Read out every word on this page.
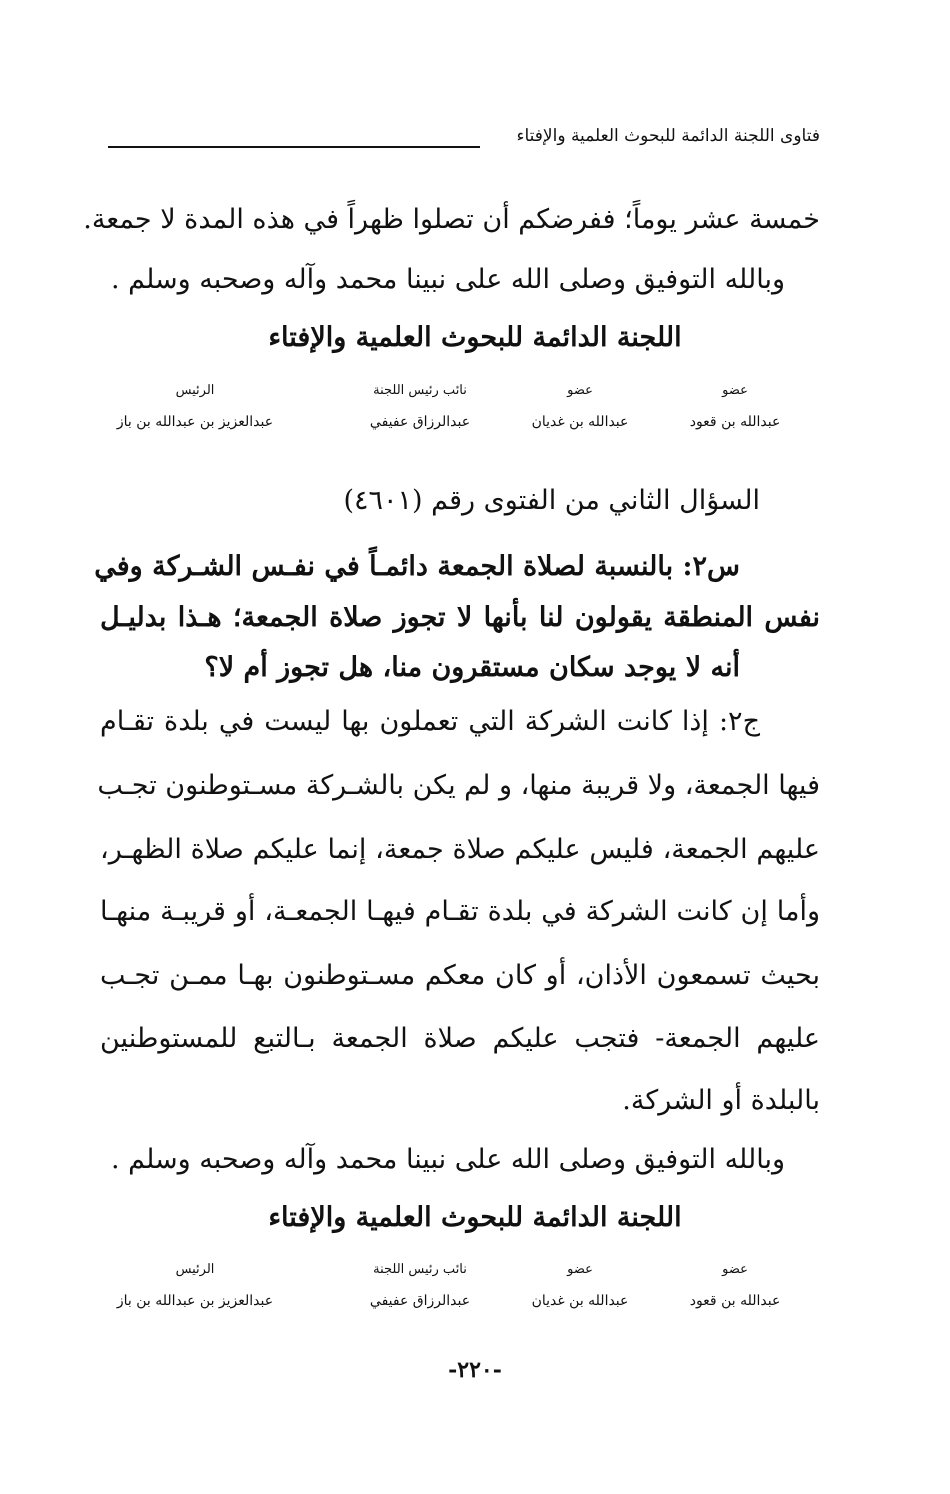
فتاوى اللجنة الدائمة للبحوث العلمية والإفتاء
خمسة عشر يوماً؛ ففرضكم أن تصلوا ظهراً في هذه المدة لا جمعة.
وبالله التوفيق وصلى الله على نبينا محمد وآله وصحبه وسلم .
اللجنة الدائمة للبحوث العلمية والإفتاء
الرئيس
عبدالعزيز بن عبدالله بن باز
نائب رئيس اللجنة
عبدالرزاق عفيفي
عضو
عبدالله بن غديان
عضو
عبدالله بن قعود
السؤال الثاني من الفتوى رقم (٤٦٠١)
س٢: بالنسبة لصلاة الجمعة دائمـاً في نفـس الشـركة وفي
نفس المنطقة يقولون لنا بأنها لا تجوز صلاة الجمعة؛ هـذا بدليـل
أنه لا يوجد سكان مستقرون منا، هل تجوز أم لا؟
ج٢: إذا كانت الشركة التي تعملون بها ليست في بلدة تقـام
فيها الجمعة، ولا قريبة منها، و لم يكن بالشـركة مسـتوطنون تجـب
عليهم الجمعة، فليس عليكم صلاة جمعة، إنما عليكم صلاة الظهـر،
وأما إن كانت الشركة في بلدة تقـام فيهـا الجمعـة، أو قريبـة منهـا
بحيث تسمعون الأذان، أو كان معكم مسـتوطنون بهـا ممـن تجـب
عليهم الجمعة- فتجب عليكم صلاة الجمعة بـالتبع للمستوطنين
بالبلدة أو الشركة.
وبالله التوفيق وصلى الله على نبينا محمد وآله وصحبه وسلم .
اللجنة الدائمة للبحوث العلمية والإفتاء
الرئيس
عبدالعزيز بن عبدالله بن باز
نائب رئيس اللجنة
عبدالرزاق عفيفي
عضو
عبدالله بن غديان
عضو
عبدالله بن قعود
-٢٢٠-
